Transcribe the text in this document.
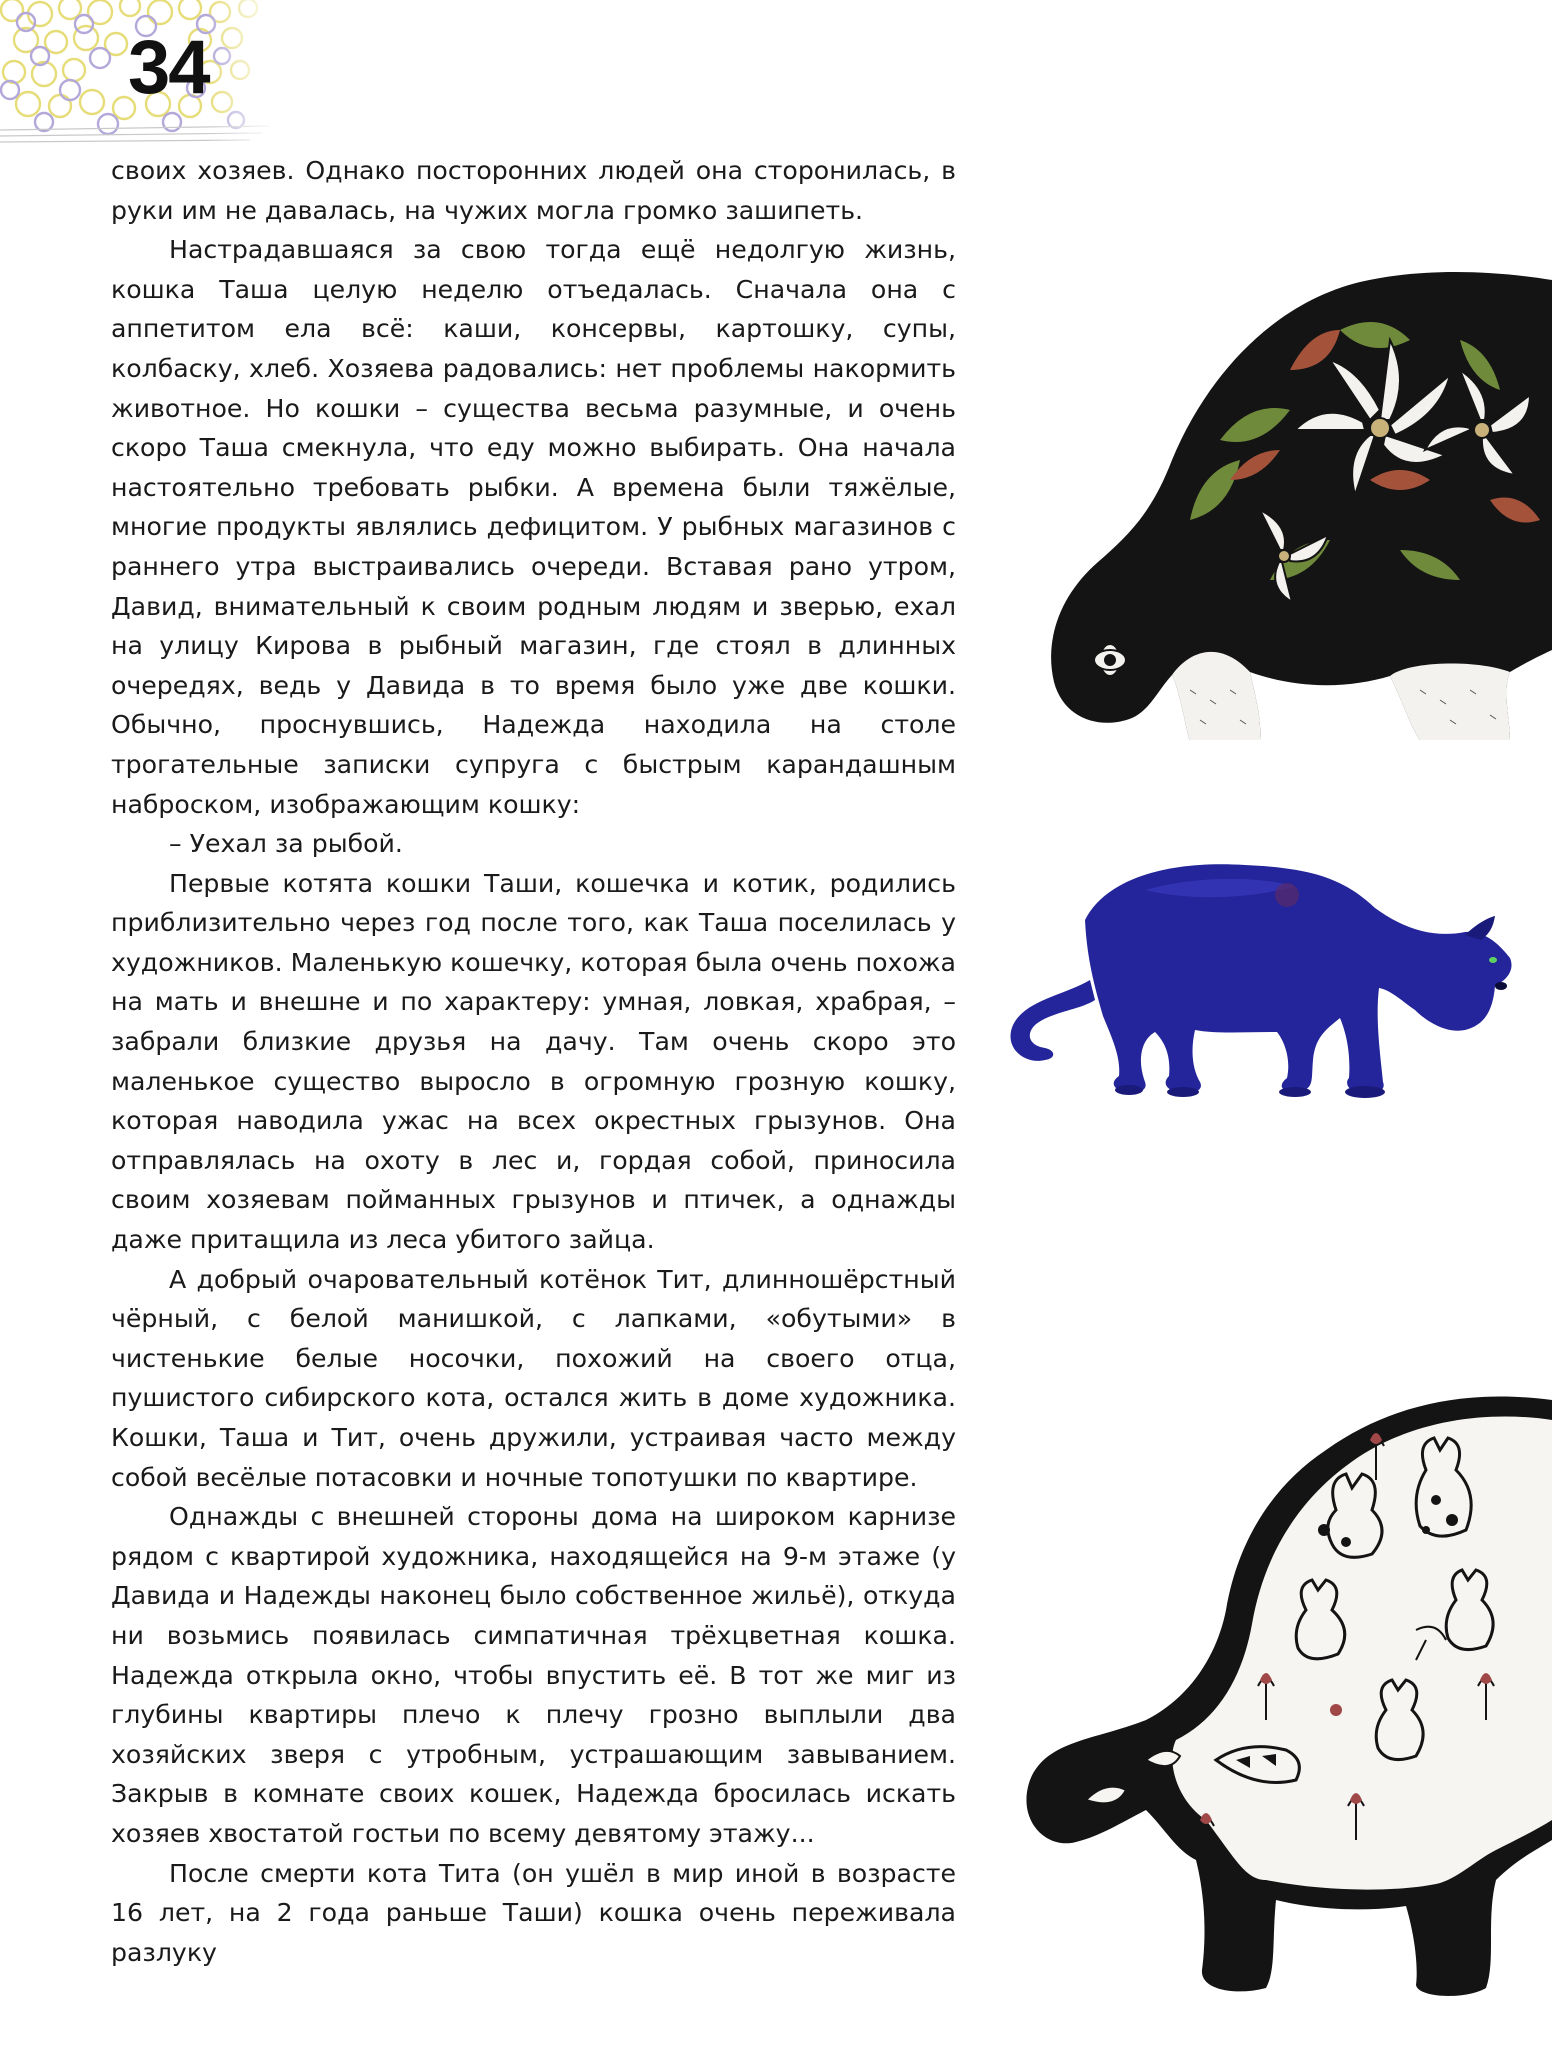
34

своих хозяев. Однако посторонних людей она сторонилась, в руки им не давалась, на чужих могла громко зашипеть.

Настрадавшаяся за свою тогда ещё недолгую жизнь, кошка Таша целую неделю отъедалась. Сначала она с аппетитом ела всё: каши, консервы, картошку, супы, колбаску, хлеб. Хозяева радовались: нет проблемы накормить животное. Но кошки – существа весьма разумные, и очень скоро Таша смекнула, что еду можно выбирать. Она начала настоятельно требовать рыбки. А времена были тяжёлые, многие продукты являлись дефицитом. У рыбных магазинов с раннего утра выстраивались очереди. Вставая рано утром, Давид, внимательный к своим родным людям и зверью, ехал на улицу Кирова в рыбный магазин, где стоял в длинных очередях, ведь у Давида в то время было уже две кошки. Обычно, проснувшись, Надежда находила на столе трогательные записки супруга с быстрым карандашным наброском, изображающим кошку:

– Уехал за рыбой.

Первые котята кошки Таши, кошечка и котик, родились приблизительно через год после того, как Таша поселилась у художников. Маленькую кошечку, которая была очень похожа на мать и внешне и по характеру: умная, ловкая, храбрая, – забрали близкие друзья на дачу. Там очень скоро это маленькое существо выросло в огромную грозную кошку, которая наводила ужас на всех окрестных грызунов. Она отправлялась на охоту в лес и, гордая собой, приносила своим хозяевам пойманных грызунов и птичек, а однажды даже притащила из леса убитого зайца.

А добрый очаровательный котёнок Тит, длинношёрстный чёрный, с белой манишкой, с лапками, «обутыми» в чистенькие белые носочки, похожий на своего отца, пушистого сибирского кота, остался жить в доме художника. Кошки, Таша и Тит, очень дружили, устраивая часто между собой весёлые потасовки и ночные топотушки по квартире.

Однажды с внешней стороны дома на широком карнизе рядом с квартирой художника, находящейся на 9-м этаже (у Давида и Надежды наконец было собственное жильё), откуда ни возьмись появилась симпатичная трёхцветная кошка. Надежда открыла окно, чтобы впустить её. В тот же миг из глубины квартиры плечо к плечу грозно выплыли два хозяйских зверя с утробным, устрашающим завыванием. Закрыв в комнате своих кошек, Надежда бросилась искать хозяев хвостатой гостьи по всему девятому этажу...

После смерти кота Тита (он ушёл в мир иной в возрасте 16 лет, на 2 года раньше Таши) кошка очень переживала разлуку
